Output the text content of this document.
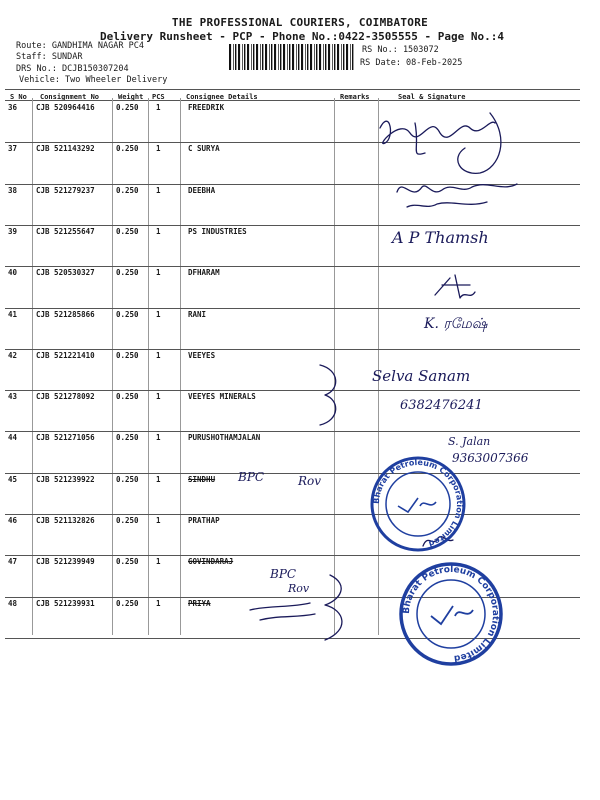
THE PROFESSIONAL COURIERS, COIMBATORE
Delivery Runsheet - PCP - Phone No.:0422-3505555 - Page No.:4
Route: GANDHIMA NAGAR PC4
Staff: SUNDAR
DRS No.: DCJB150307204
Vehicle: Two Wheeler Delivery
RS No.: 1503072
RS Date: 08-Feb-2025
S No Consignment No	Weight PCS	Consignee Details	Remarks	Seal & Signature
36	CJB 520964416	0.250 1	FREEDRIK
37	CJB 521143292	0.250 1	C SURYA
38	CJB 521279237	0.250 1	DEEBHA
39	CJB 521255647	0.250 1	PS INDUSTRIES
40	CJB 520530327	0.250 1	DFHARAM
41	CJB 521285866	0.250 1	RANI
42	CJB 521221410	0.250 1	VEEYES
43	CJB 521278092	0.250 1	VEEYES MINERALS
44	CJB 521271056	0.250 1	PURUSHOTHAMJALAN
45	CJB 521239922	0.250 1	SINDHU
46	CJB 521132826	0.250 1	PRATHAP
47	CJB 521239949	0.250 1	GOVINDARAJ
48	CJB 521239931	0.250 1	PRIYA
A P Thamsh
K. ரமேஷ்
Selva Sanam
6382476241
S. Jalan
9363007366
BPC	Rov
BPC
Rov
Bharat Petroleum Corporation Limited
Bharat Petroleum Corporation Limited
